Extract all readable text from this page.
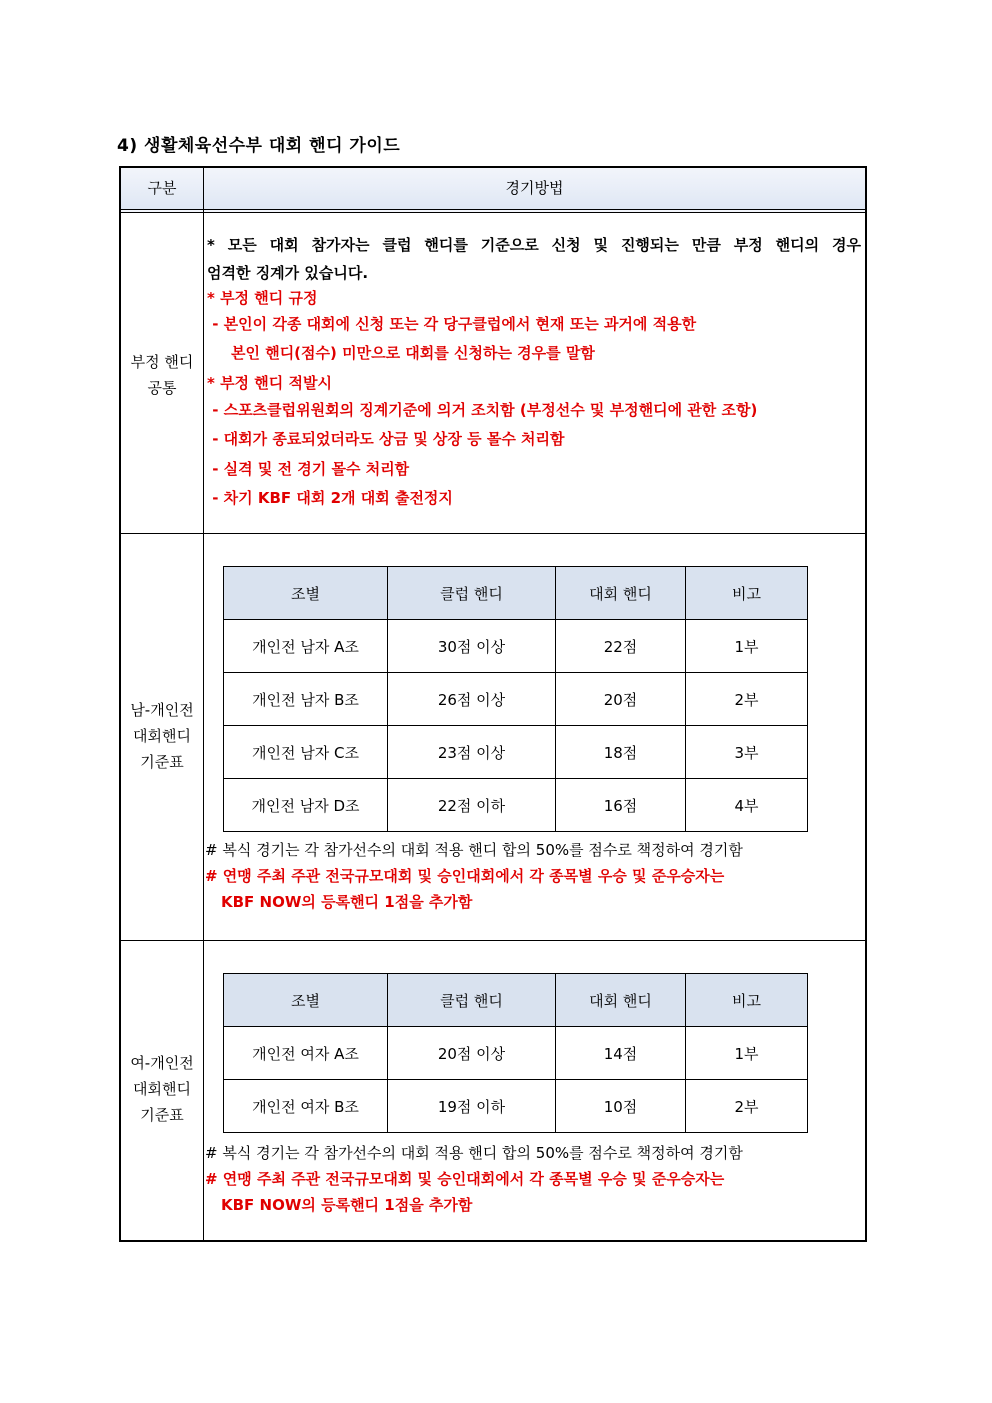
4) 생활체육선수부 대회 핸디 가이드
구분	경기방법
부정 핸디
공통
* 모든 대회 참가자는 클럽 핸디를 기준으로 신청 및 진행되는 만큼 부정 핸디의 경우
엄격한 징계가 있습니다.
* 부정 핸디 규정
- 본인이 각종 대회에 신청 또는 각 당구클럽에서 현재 또는 과거에 적용한
본인 핸디(점수) 미만으로 대회를 신청하는 경우를 말함
* 부정 핸디 적발시
- 스포츠클럽위원회의 징계기준에 의거 조치함 (부정선수 및 부정핸디에 관한 조항)
- 대회가 종료되었더라도 상금 및 상장 등 몰수 처리함
- 실격 및 전 경기 몰수 처리함
- 차기 KBF 대회 2개 대회 출전정지
남-개인전
대회핸디
기준표
조별	클럽 핸디	대회 핸디	비고
개인전 남자 A조	30점 이상	22점	1부
개인전 남자 B조	26점 이상	20점	2부
개인전 남자 C조	23점 이상	18점	3부
개인전 남자 D조	22점 이하	16점	4부
# 복식 경기는 각 참가선수의 대회 적용 핸디 합의 50%를 점수로 책정하여 경기함
# 연맹 주최 주관 전국규모대회 및 승인대회에서 각 종목별 우승 및 준우승자는
KBF NOW의 등록핸디 1점을 추가함
여-개인전
대회핸디
기준표
조별	클럽 핸디	대회 핸디	비고
개인전 여자 A조	20점 이상	14점	1부
개인전 여자 B조	19점 이하	10점	2부
# 복식 경기는 각 참가선수의 대회 적용 핸디 합의 50%를 점수로 책정하여 경기함
# 연맹 주최 주관 전국규모대회 및 승인대회에서 각 종목별 우승 및 준우승자는
KBF NOW의 등록핸디 1점을 추가함
